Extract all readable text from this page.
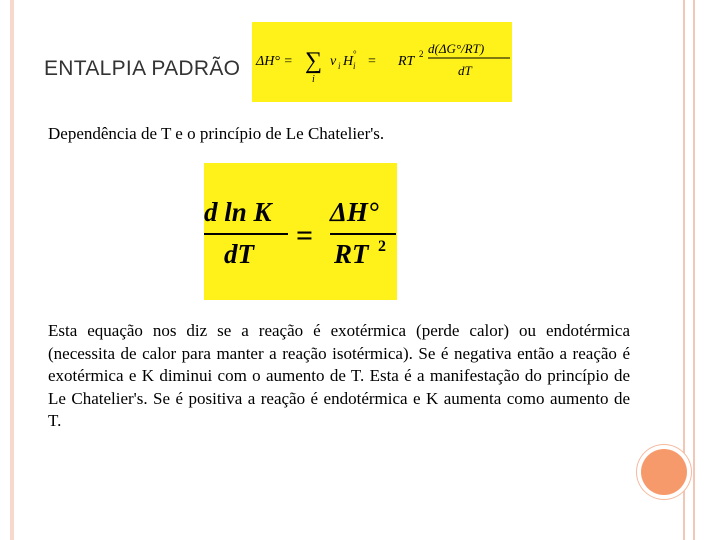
ENTALPIA PADRÃO ΔH° = ∑
i
ν i H °
i = RT 2 d(ΔG°/RT)
dT
Dependência de T e o princípio de Le Chatelier's.
d ln K
dT
=
ΔH°
RT 2

Esta equação nos diz se a reação é exotérmica (perde calor) ou endotérmica (necessita de calor para manter a reação isotérmica). Se é negativa então a reação é exotérmica e K diminui com o aumento de T. Esta é a manifestação do princípio de Le Chatelier's. Se é positiva a reação é endotérmica e K aumenta como aumento de T.
